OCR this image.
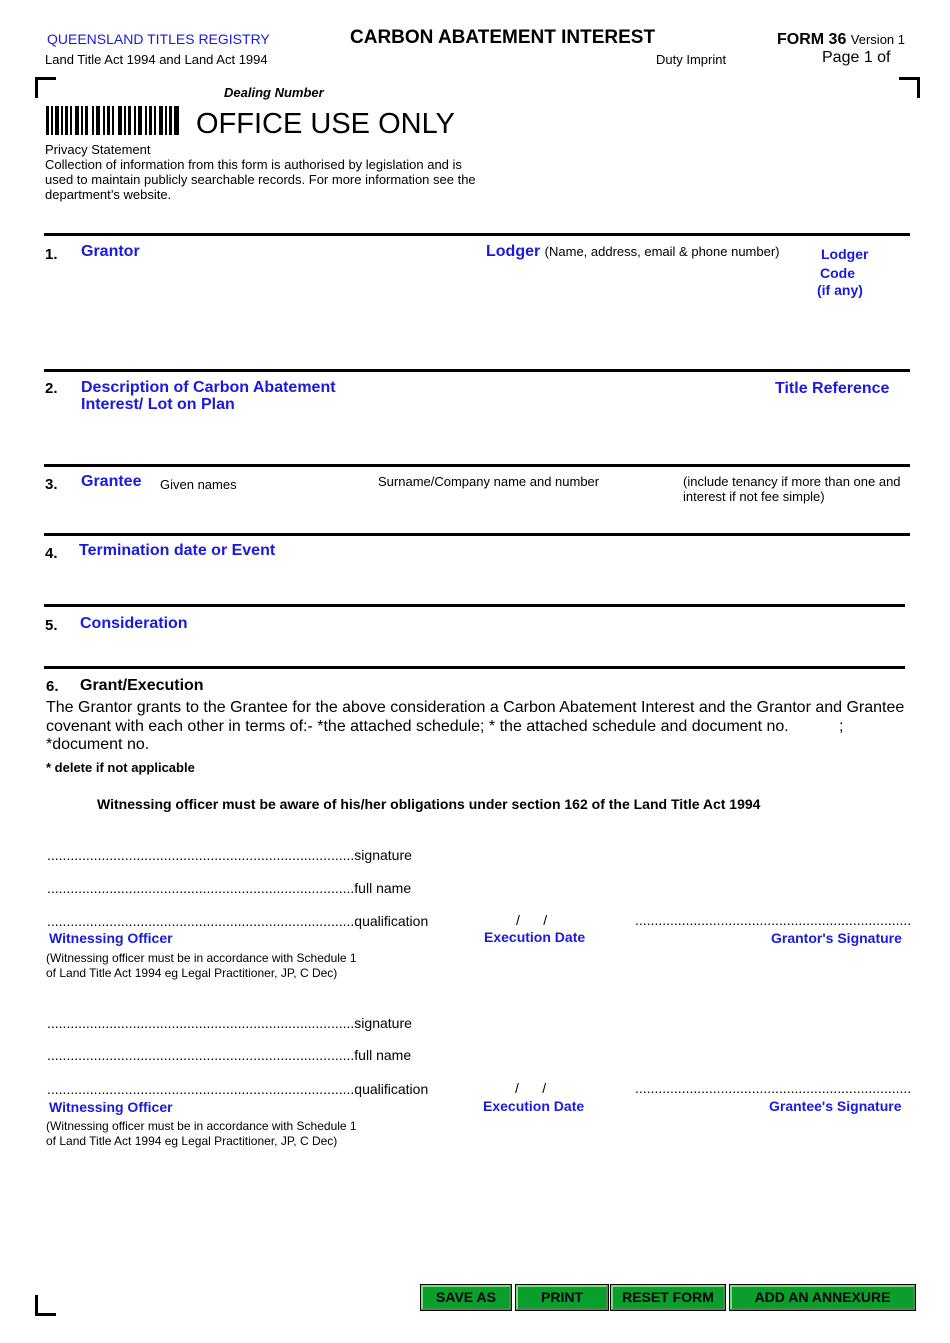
QUEENSLAND TITLES REGISTRY
Land Title Act 1994 and Land Act 1994
CARBON ABATEMENT INTEREST	FORM 36 Version 1
Duty Imprint	Page 1 of
Dealing Number
OFFICE USE ONLY
Privacy Statement
Collection of information from this form is authorised by legislation and is
used to maintain publicly searchable records. For more information see the
department’s website.
1. Grantor	Lodger (Name, address, email & phone number)	Lodger
Code
(if any)
2. Description of Carbon Abatement
Interest/ Lot on Plan
Title Reference
3. Grantee Given names	Surname/Company name and number	(include tenancy if more than one and
interest if not fee simple)
4. Termination date or Event
5. Consideration
6. Grant/Execution
The Grantor grants to the Grantee for the above consideration a Carbon Abatement Interest and the Grantor and Grantee
covenant with each other in terms of:- *the attached schedule; * the attached schedule and document no.	;
*document no.
* delete if not applicable
Witnessing officer must be aware of his/her obligations under section 162 of the Land Title Act 1994
...............................................................................signature
...............................................................................full name
...............................................................................qualification	/      /	.......................................................................
Witnessing Officer	Execution Date	Grantor's Signature
(Witnessing officer must be in accordance with Schedule 1
of Land Title Act 1994 eg Legal Practitioner, JP, C Dec)
...............................................................................signature
...............................................................................full name
...............................................................................qualification	/      /	.......................................................................
Witnessing Officer	Execution Date	Grantee's Signature
(Witnessing officer must be in accordance with Schedule 1
of Land Title Act 1994 eg Legal Practitioner, JP, C Dec)
SAVE AS	PRINT	RESET FORM	ADD AN ANNEXURE
